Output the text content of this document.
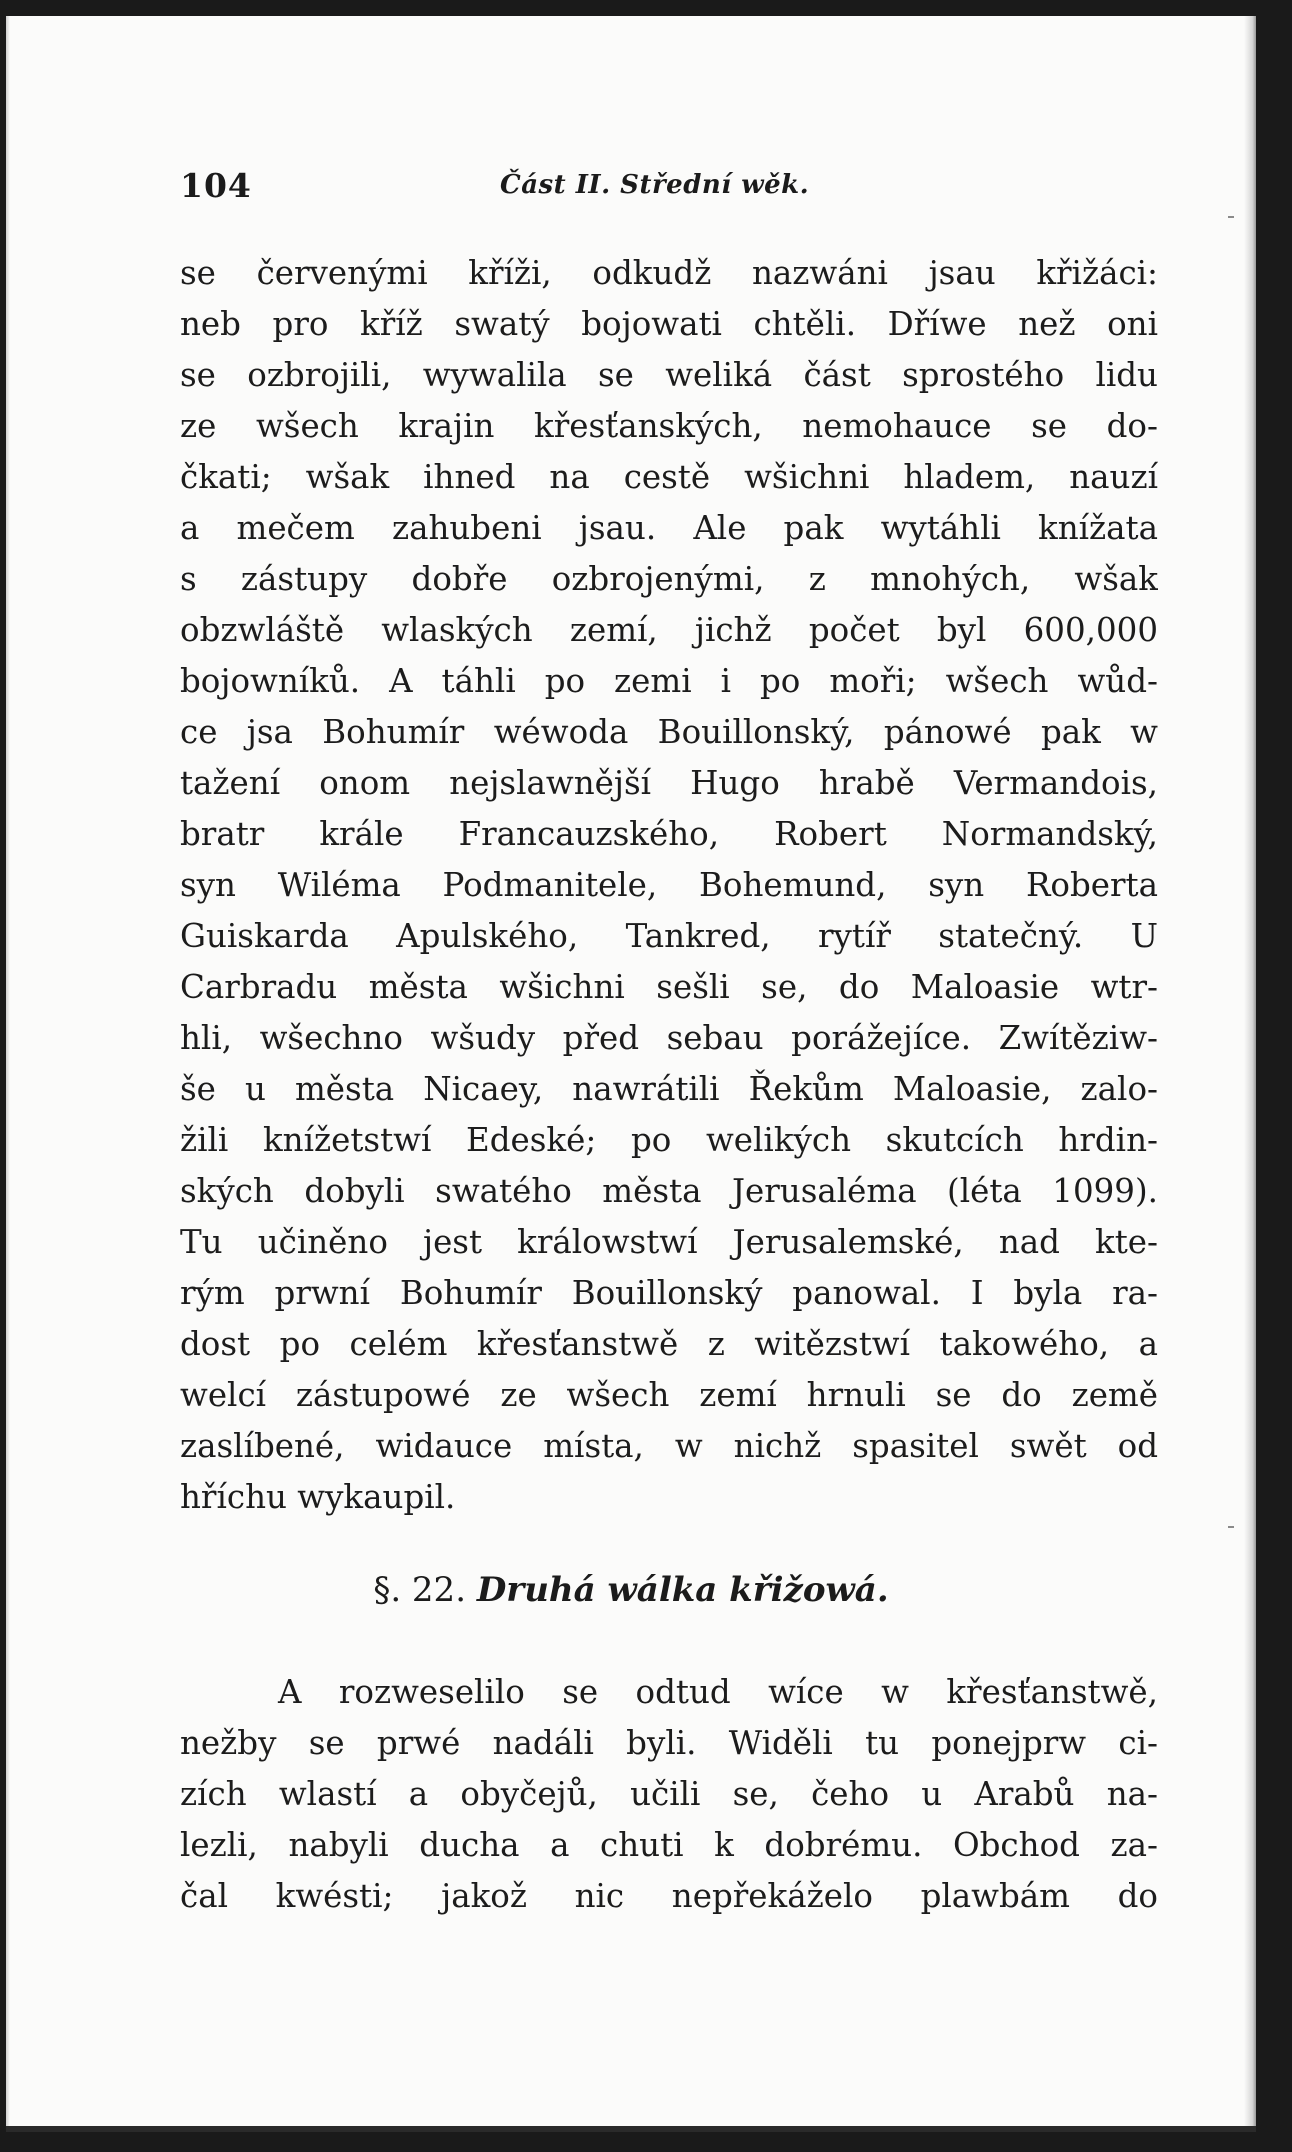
104	Část II. Střední wěk.
se červenými kříži, odkudž nazwáni jsau křižáci:
neb pro kříž swatý bojowati chtěli. Dříwe než oni
se ozbrojili, wywalila se weliká část sprostého lidu
ze wšech krajin křesťanských, nemohauce se do-
čkati; wšak ihned na cestě wšichni hladem, nauzí
a mečem zahubeni jsau. Ale pak wytáhli knížata
s zástupy dobře ozbrojenými, z mnohých, wšak
obzwláště wlaských zemí, jichž počet byl 600,000
bojowníků. A táhli po zemi i po moři; wšech wůd-
ce jsa Bohumír wéwoda Bouillonský, pánowé pak w
tažení onom nejslawnější Hugo hrabě Vermandois,
bratr krále Francauzského, Robert Normandský,
syn Wiléma Podmanitele, Bohemund, syn Roberta
Guiskarda Apulského, Tankred, rytíř statečný. U
Carbradu města wšichni sešli se, do Maloasie wtr-
hli, wšechno wšudy před sebau porážejíce. Zwítěziw-
še u města Nicaey, nawrátili Řekům Maloasie, zalo-
žili knížetstwí Edeské; po welikých skutcích hrdin-
ských dobyli swatého města Jerusaléma (léta 1099).
Tu učiněno jest králowstwí Jerusalemské, nad kte-
rým prwní Bohumír Bouillonský panowal. I byla ra-
dost po celém křesťanstwě z witězstwí takowého, a
welcí zástupowé ze wšech zemí hrnuli se do země
zaslíbené, widauce místa, w nichž spasitel swět od
hříchu wykaupil.
§. 22. Druhá wálka křižowá.
A rozweselilo se odtud wíce w křesťanstwě,
nežby se prwé nadáli byli. Widěli tu ponejprw ci-
zích wlastí a obyčejů, učili se, čeho u Arabů na-
lezli, nabyli ducha a chuti k dobrému. Obchod za-
čal kwésti; jakož nic nepřekáželo plawbám do
